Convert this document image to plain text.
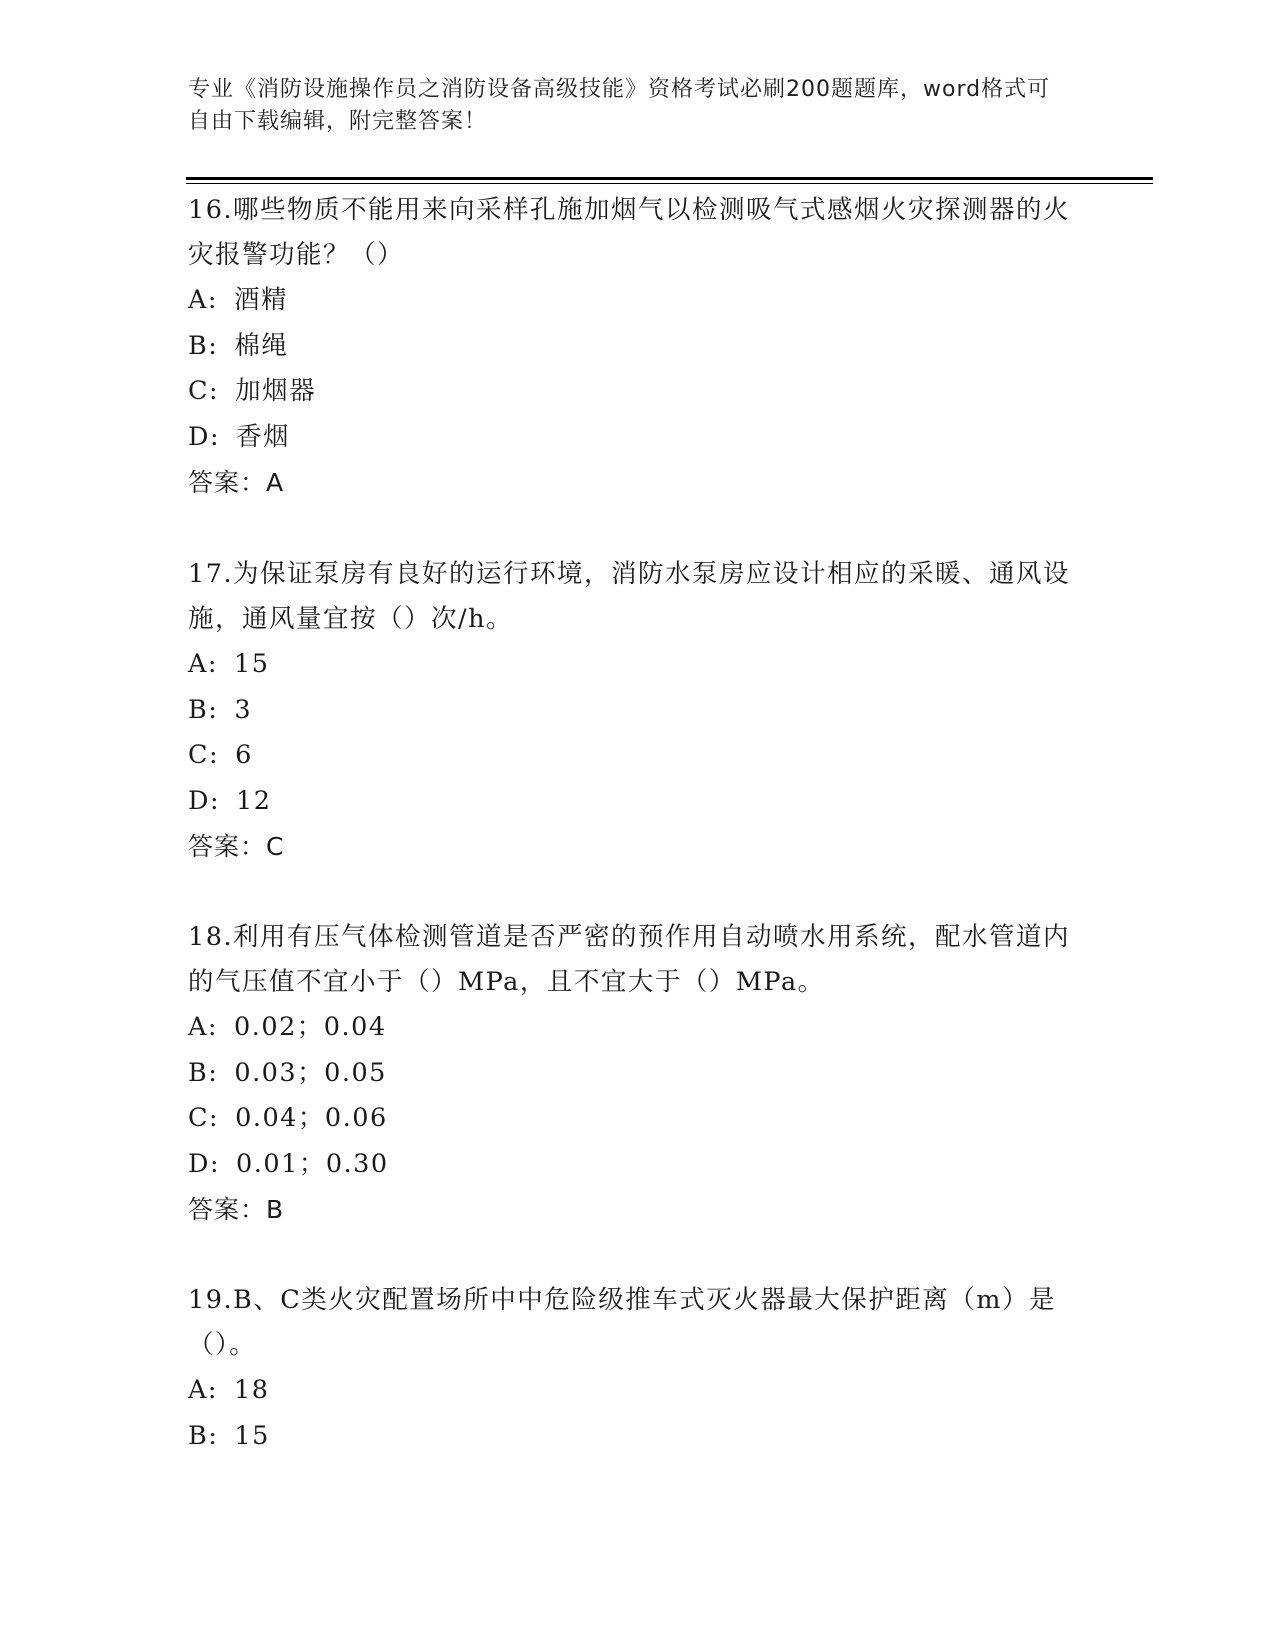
专业《消防设施操作员之消防设备高级技能》资格考试必刷200题题库，word格式可自由下载编辑，附完整答案！

16.哪些物质不能用来向采样孔施加烟气以检测吸气式感烟火灾探测器的火灾报警功能？（）

A: 酒精

B: 棉绳

C: 加烟器

D: 香烟

答案：A

17.为保证泵房有良好的运行环境，消防水泵房应设计相应的采暖、通风设施，通风量宜按（）次/h。

A: 15

B: 3

C: 6

D: 12

答案：C

18.利用有压气体检测管道是否严密的预作用自动喷水用系统，配水管道内的气压值不宜小于（）MPa，且不宜大于（）MPa。

A: 0.02；0.04

B: 0.03；0.05

C: 0.04；0.06

D: 0.01；0.30

答案：B

19.B、C类火灾配置场所中中危险级推车式灭火器最大保护距离（m）是（）。

A: 18

B: 15
